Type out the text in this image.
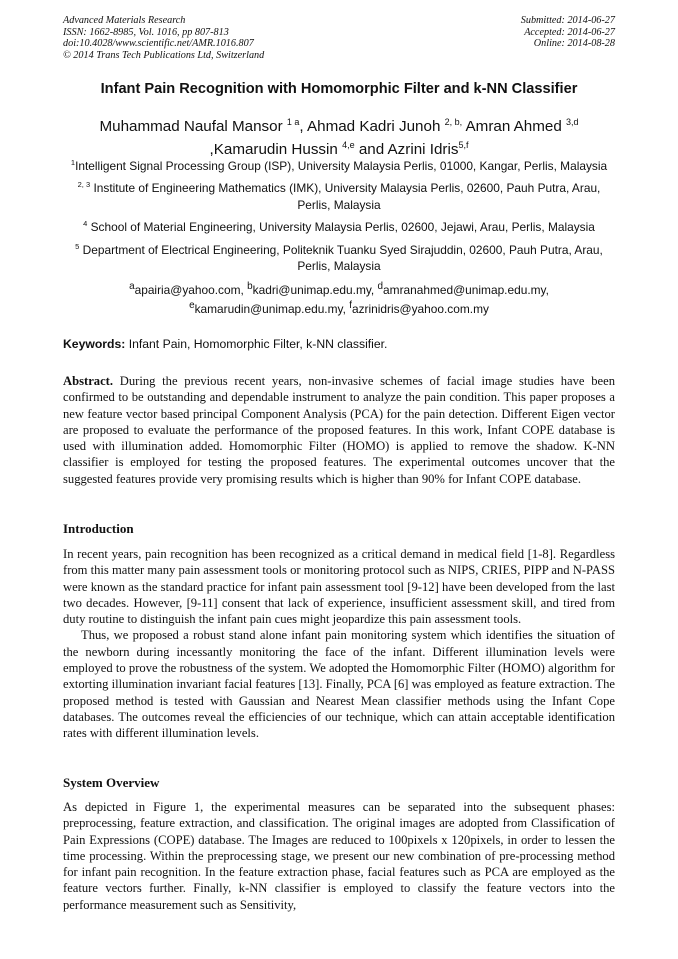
Advanced Materials Research
ISSN: 1662-8985, Vol. 1016, pp 807-813
doi:10.4028/www.scientific.net/AMR.1016.807
© 2014 Trans Tech Publications Ltd, Switzerland
Submitted: 2014-06-27
Accepted: 2014-06-27
Online: 2014-08-28
Infant Pain Recognition with Homomorphic Filter and k-NN Classifier
Muhammad Naufal Mansor $^{1 a}$, Ahmad Kadri Junoh $^{2, b,}$ Amran Ahmed $^{3,d}$
,Kamarudin Hussin $^{4,e}$ and Azrini Idris$^{5,f}$
$^1$Intelligent Signal Processing Group (ISP), University Malaysia Perlis, 01000, Kangar, Perlis, Malaysia
$^{2, 3}$ Institute of Engineering Mathematics (IMK), University Malaysia Perlis, 02600, Pauh Putra, Arau, Perlis, Malaysia
$^4$ School of Material Engineering, University Malaysia Perlis, 02600, Jejawi, Arau, Perlis, Malaysia
$^5$ Department of Electrical Engineering, Politeknik Tuanku Syed Sirajuddin, 02600, Pauh Putra, Arau, Perlis, Malaysia
$^a$apairia@yahoo.com, $^b$kadri@unimap.edu.my, $^d$amranahmed@unimap.edu.my,
$^e$kamarudin@unimap.edu.my, $^f$azrinidris@yahoo.com.my
Keywords: Infant Pain, Homomorphic Filter, k-NN classifier.
Abstract. During the previous recent years, non-invasive schemes of facial image studies have been confirmed to be outstanding and dependable instrument to analyze the pain condition. This paper proposes a new feature vector based principal Component Analysis (PCA) for the pain detection. Different Eigen vector are proposed to evaluate the performance of the proposed features. In this work, Infant COPE database is used with illumination added. Homomorphic Filter (HOMO) is applied to remove the shadow. K-NN classifier is employed for testing the proposed features. The experimental outcomes uncover that the suggested features provide very promising results which is higher than 90% for Infant COPE database.
Introduction

In recent years, pain recognition has been recognized as a critical demand in medical field [1-8]. Regardless from this matter many pain assessment tools or monitoring protocol such as NIPS, CRIES, PIPP and N-PASS were known as the standard practice for infant pain assessment tool [9-12] have been developed from the last two decades. However, [9-11] consent that lack of experience, insufficient assessment skill, and tired from duty routine to distinguish the infant pain cues might jeopardize this pain assessment tools.

Thus, we proposed a robust stand alone infant pain monitoring system which identifies the situation of the newborn during incessantly monitoring the face of the infant. Different illumination levels were employed to prove the robustness of the system. We adopted the Homomorphic Filter (HOMO) algorithm for extorting illumination invariant facial features [13]. Finally, PCA [6] was employed as feature extraction. The proposed method is tested with Gaussian and Nearest Mean classifier methods using the Infant Cope databases. The outcomes reveal the efficiencies of our technique, which can attain acceptable identification rates with different illumination levels.

System Overview

As depicted in Figure 1, the experimental measures can be separated into the subsequent phases: preprocessing, feature extraction, and classification. The original images are adopted from Classification of Pain Expressions (COPE) database. The Images are reduced to 100pixels x 120pixels, in order to lessen the time processing. Within the preprocessing stage, we present our new combination of pre-processing method for infant pain recognition. In the feature extraction phase, facial features such as PCA are employed as the feature vectors further. Finally, k-NN classifier is employed to classify the feature vectors into the performance measurement such as Sensitivity,
